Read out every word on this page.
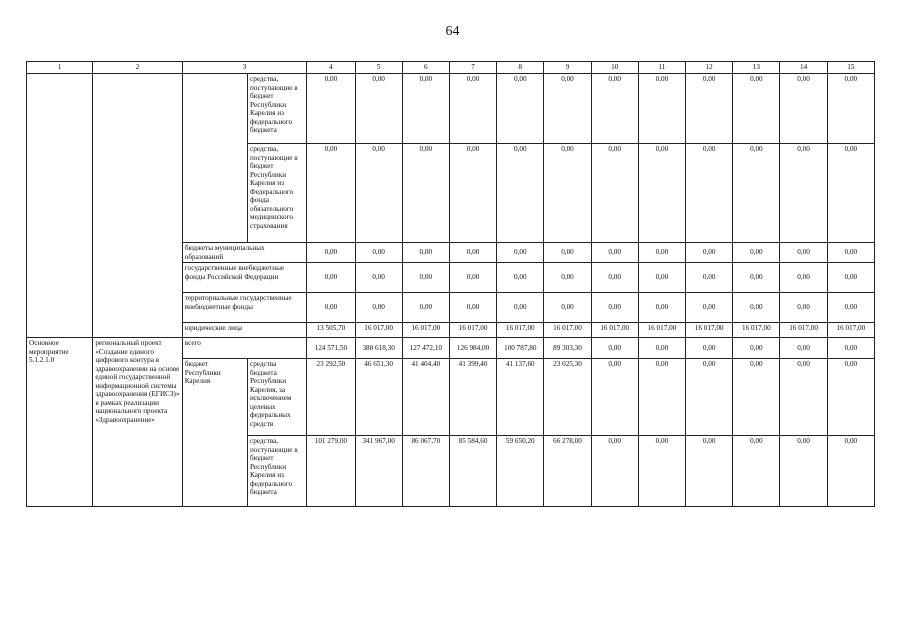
64
1	2	3		4	5	6	7	8	9	10	11	12	13	14	15
			средства, поступающие в бюджет Республики Карелия из федерального бюджета	0,00	0,00	0,00	0,00	0,00	0,00	0,00	0,00	0,00	0,00	0,00	0,00
			средства, поступающие в бюджет Республики Карелия из Федерального фонда обязательного медицинского страхования	0,00	0,00	0,00	0,00	0,00	0,00	0,00	0,00	0,00	0,00	0,00	0,00
		бюджеты муниципальных образований		0,00	0,00	0,00	0,00	0,00	0,00	0,00	0,00	0,00	0,00	0,00	0,00
		государственные внебюджетные фонды Российской Федерации		0,00	0,00	0,00	0,00	0,00	0,00	0,00	0,00	0,00	0,00	0,00	0,00
		территориальные государственные внебюджетные фонды		0,00	0,00	0,00	0,00	0,00	0,00	0,00	0,00	0,00	0,00	0,00	0,00
		юридические лица		13 505,70	16 017,00	16 017,00	16 017,00	16 017,00	16 017,00	16 017,00	16 017,00	16 017,00	16 017,00	16 017,00	16 017,00
Основное мероприятие 5.1.2.1.0	региональный проект «Создание единого цифрового контура в здравоохранении на основе единой государственной информационной системы здравоохранения (ЕГИСЗ)» в рамках реализации национального проекта «Здравоохранение»	всего		124 571,50	388 618,30	127 472,10	126 984,00	100 787,80	89 303,30	0,00	0,00	0,00	0,00	0,00	0,00
		бюджет Республики Карелия	средства бюджета Республики Карелия, за исключением целевых федеральных средств	23 292,50	46 651,30	41 404,40	41 399,40	41 137,60	23 025,30	0,00	0,00	0,00	0,00	0,00	0,00
			средства, поступающие в бюджет Республики Карелия из федерального бюджета	101 279,00	341 967,00	86 067,70	85 584,60	59 650,20	66 278,00	0,00	0,00	0,00	0,00	0,00	0,00
